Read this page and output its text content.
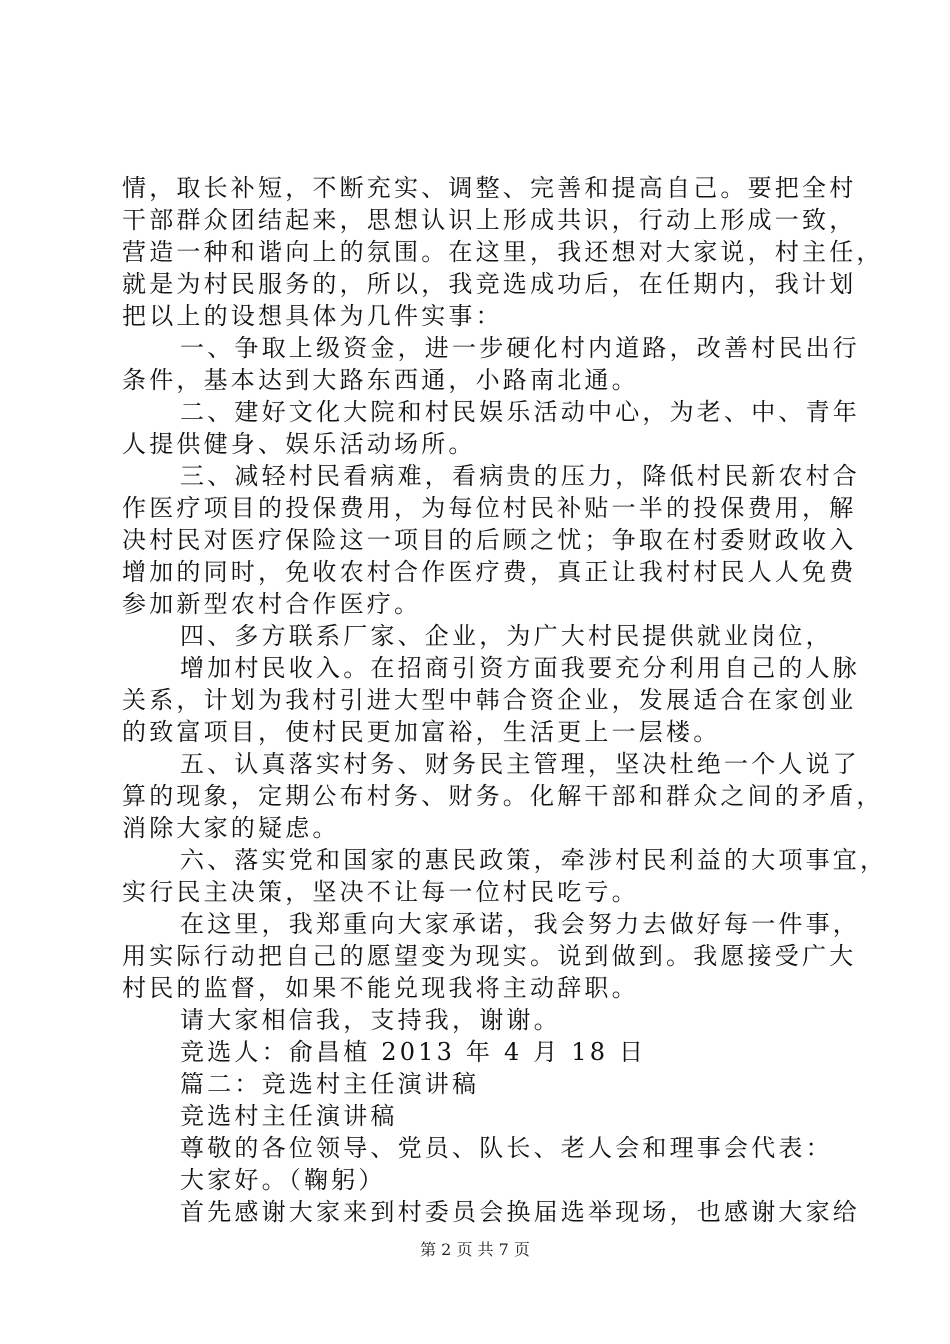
情，取长补短，不断充实、调整、完善和提高自己。要把全村
干部群众团结起来，思想认识上形成共识，行动上形成一致，
营造一种和谐向上的氛围。在这里，我还想对大家说，村主任，
就是为村民服务的，所以，我竞选成功后，在任期内，我计划
把以上的设想具体为几件实事：
一、争取上级资金，进一步硬化村内道路，改善村民出行
条件，基本达到大路东西通，小路南北通。
二、建好文化大院和村民娱乐活动中心，为老、中、青年
人提供健身、娱乐活动场所。
三、减轻村民看病难，看病贵的压力，降低村民新农村合
作医疗项目的投保费用，为每位村民补贴一半的投保费用，解
决村民对医疗保险这一项目的后顾之忧；争取在村委财政收入
增加的同时，免收农村合作医疗费，真正让我村村民人人免费
参加新型农村合作医疗。
四、多方联系厂家、企业，为广大村民提供就业岗位，
增加村民收入。在招商引资方面我要充分利用自己的人脉
关系，计划为我村引进大型中韩合资企业，发展适合在家创业
的致富项目，使村民更加富裕，生活更上一层楼。
五、认真落实村务、财务民主管理，坚决杜绝一个人说了
算的现象，定期公布村务、财务。化解干部和群众之间的矛盾，
消除大家的疑虑。
六、落实党和国家的惠民政策，牵涉村民利益的大项事宜，
实行民主决策，坚决不让每一位村民吃亏。
在这里，我郑重向大家承诺，我会努力去做好每一件事，
用实际行动把自己的愿望变为现实。说到做到。我愿接受广大
村民的监督，如果不能兑现我将主动辞职。
请大家相信我，支持我，谢谢。
竞选人：俞昌植 2013 年 4 月 18 日
篇二：竞选村主任演讲稿
竞选村主任演讲稿
尊敬的各位领导、党员、队长、老人会和理事会代表：
大家好。（鞠躬）
首先感谢大家来到村委员会换届选举现场，也感谢大家给
第 2 页 共 7 页
